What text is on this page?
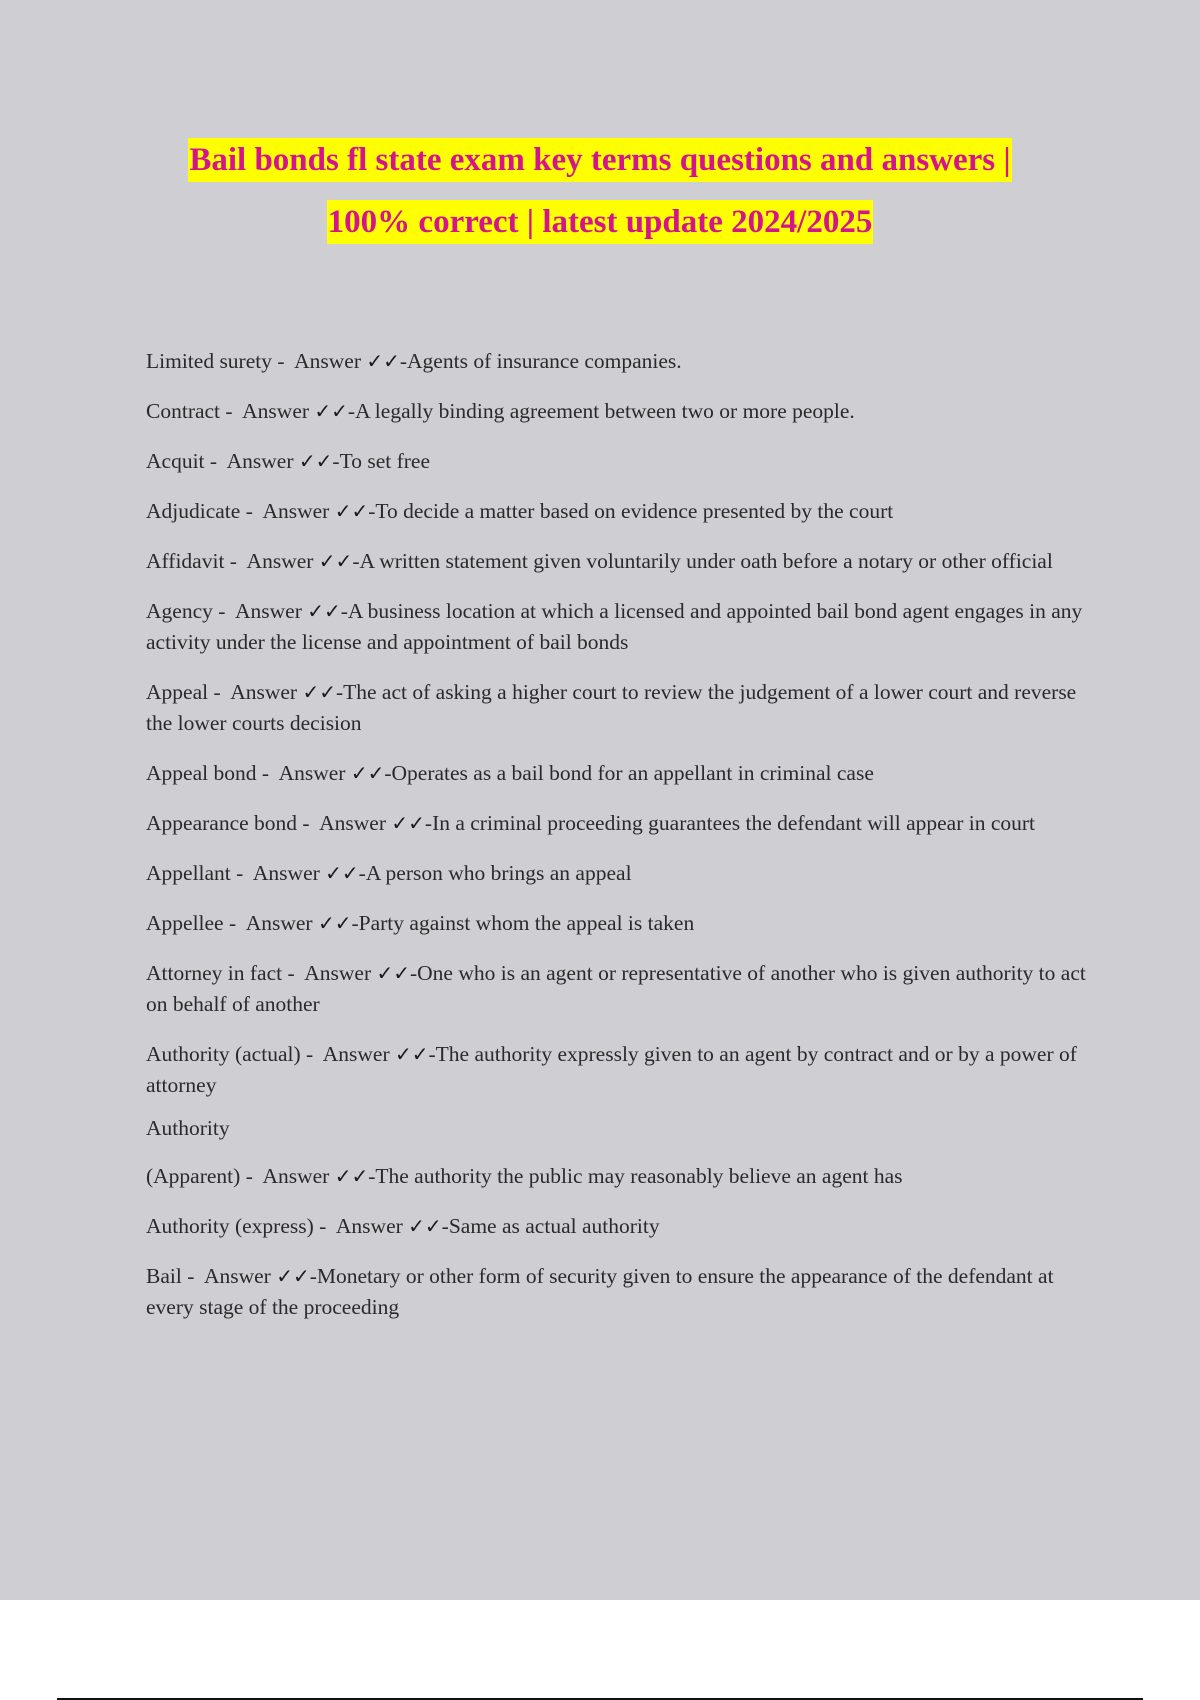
Bail bonds fl state exam key terms questions and answers |
100% correct | latest update 2024/2025
Limited surety -  Answer ✓✓-Agents of insurance companies.
Contract -  Answer ✓✓-A legally binding agreement between two or more people.
Acquit -  Answer ✓✓-To set free
Adjudicate -  Answer ✓✓-To decide a matter based on evidence presented by the court
Affidavit -  Answer ✓✓-A written statement given voluntarily under oath before a notary or other official
Agency -  Answer ✓✓-A business location at which a licensed and appointed bail bond agent engages in any activity under the license and appointment of bail bonds
Appeal -  Answer ✓✓-The act of asking a higher court to review the judgement of a lower court and reverse the lower courts decision
Appeal bond -  Answer ✓✓-Operates as a bail bond for an appellant in criminal case
Appearance bond -  Answer ✓✓-In a criminal proceeding guarantees the defendant will appear in court
Appellant -  Answer ✓✓-A person who brings an appeal
Appellee -  Answer ✓✓-Party against whom the appeal is taken
Attorney in fact -  Answer ✓✓-One who is an agent or representative of another who is given authority to act on behalf of another
Authority (actual) -  Answer ✓✓-The authority expressly given to an agent by contract and or by a power of attorney
Authority
(Apparent) -  Answer ✓✓-The authority the public may reasonably believe an agent has
Authority (express) -  Answer ✓✓-Same as actual authority
Bail -  Answer ✓✓-Monetary or other form of security given to ensure the appearance of the defendant at every stage of the proceeding
